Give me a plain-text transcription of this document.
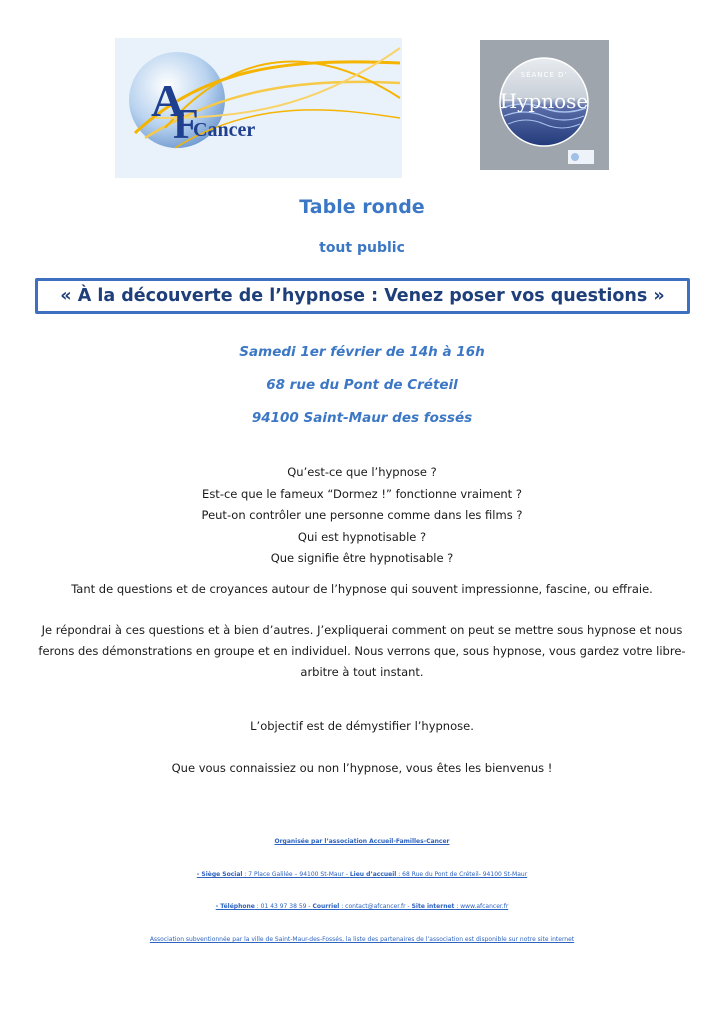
A
F
Cancer
SÉANCE D'
Hypnose
Table ronde
tout public
« À la découverte de l’hypnose : Venez poser vos questions »
Samedi 1er février de 14h à 16h
68 rue du Pont de Créteil
94100 Saint-Maur des fossés
Qu’est-ce que l’hypnose ?
Est-ce que le fameux “Dormez !” fonctionne vraiment ?
Peut-on contrôler une personne comme dans les films ?
Qui est hypnotisable ?
Que signifie être hypnotisable ?
Tant de questions et de croyances autour de l’hypnose qui souvent impressionne, fascine, ou effraie.
Je répondrai à ces questions et à bien d’autres. J’expliquerai comment on peut se mettre sous hypnose et nous ferons des démonstrations en groupe et en individuel. Nous verrons que, sous hypnose, vous gardez votre libre-arbitre à tout instant.
L’objectif est de démystifier l’hypnose.
Que vous connaissiez ou non l’hypnose, vous êtes les bienvenus !
Organisée par l’association Accueil-Familles-Cancer
- Siège Social : 7 Place Galilée – 94100 St-Maur - Lieu d’accueil : 68 Rue du Pont de Créteil- 94100 St-Maur
- Téléphone : 01 43 97 38 59 - Courriel : contact@afcancer.fr - Site internet : www.afcancer.fr
Association subventionnée par la ville de Saint-Maur-des-Fossés, la liste des partenaires de l’association est disponible sur notre site internet
